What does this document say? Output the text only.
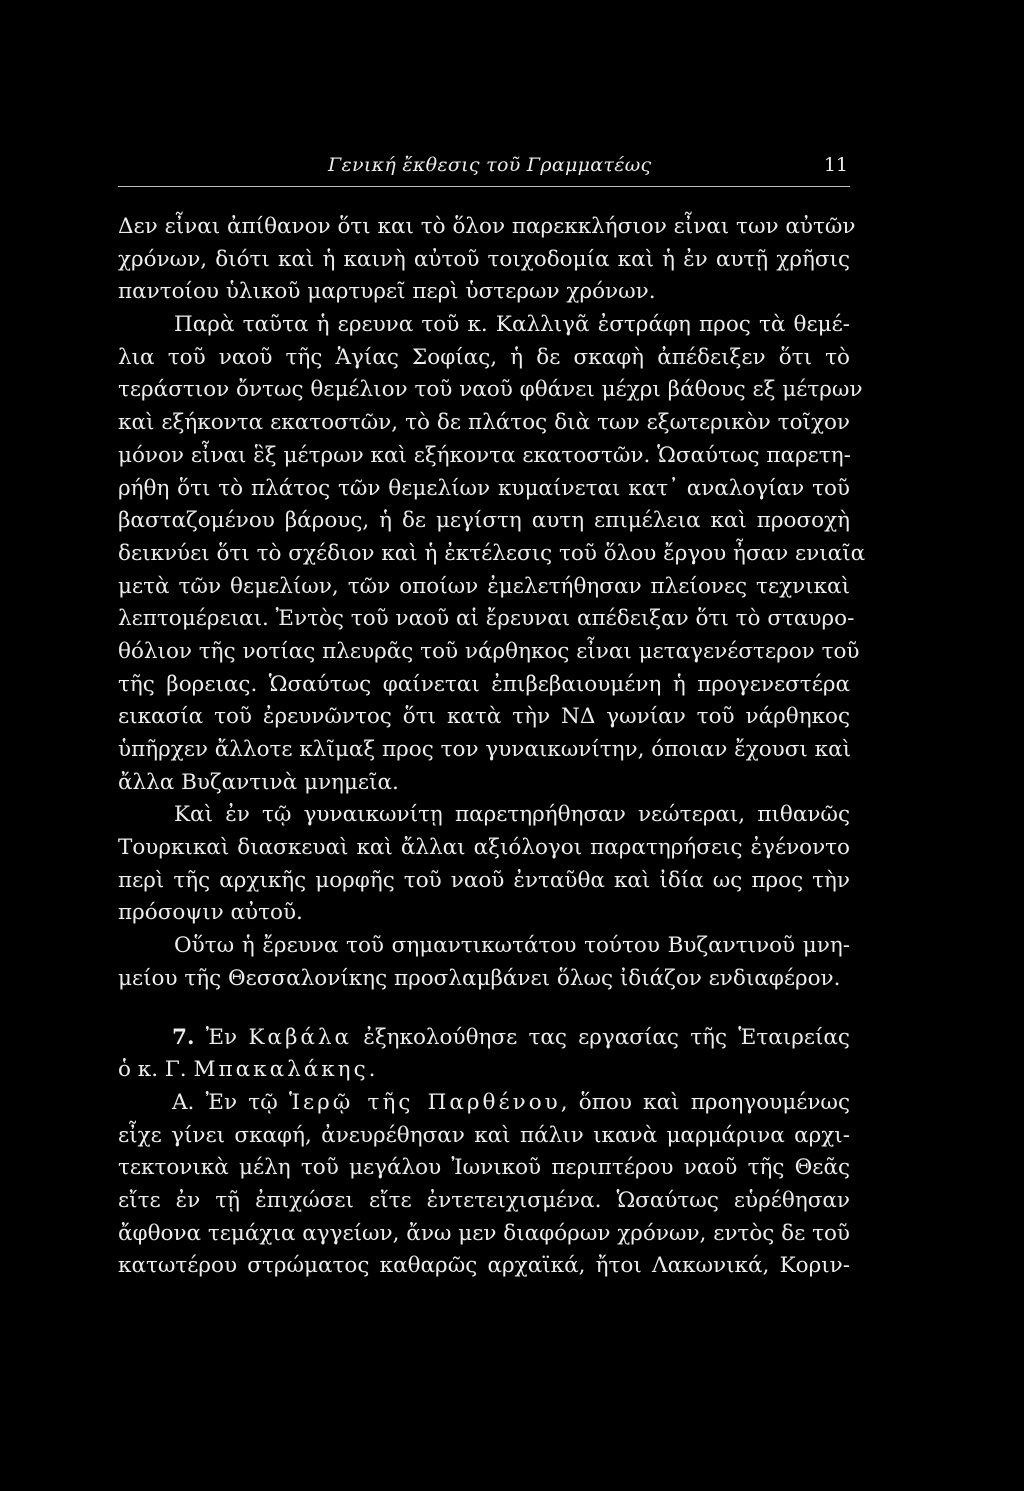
Γενική ἔκθεσις τοῦ Γραμματέως	11
Δεν εἶναι ἀπίθανον ὅτι και τὸ ὅλον παρεκκλήσιον εἶναι των αὐτῶν
χρόνων, διότι καὶ ἡ καινὴ αὐτοῦ τοιχοδομία καὶ ἡ ἐν αυτῇ χρῆσις
παντοίου ὑλικοῦ μαρτυρεῖ περὶ ὑστερων χρόνων.
Παρὰ ταῦτα ἡ ερευνα τοῦ κ. Καλλιγᾶ ἐστράφη προς τὰ θεμέ-
λια τοῦ ναοῦ τῆς Ἁγίας Σοφίας, ἡ δε σκαφὴ ἀπέδειξεν ὅτι τὸ
τεράστιον ὄντως θεμέλιον τοῦ ναοῦ φθάνει μέχρι βάθους εξ μέτρων
καὶ εξήκοντα εκατοστῶν, τὸ δε πλάτος διὰ των εξωτερικὸν τοῖχον
μόνον εἶναι ἓξ μέτρων καὶ εξήκοντα εκατοστῶν. Ὡσαύτως παρετη-
ρήθη ὅτι τὸ πλάτος τῶν θεμελίων κυμαίνεται κατ᾽ αναλογίαν τοῦ
βασταζομένου βάρους, ἡ δε μεγίστη αυτη επιμέλεια καὶ προσοχὴ
δεικνύει ὅτι τὸ σχέδιον καὶ ἡ ἐκτέλεσις τοῦ ὅλου ἔργου ἦσαν ενιαῖα
μετὰ τῶν θεμελίων, τῶν οποίων ἐμελετήθησαν πλείονες τεχνικαὶ
λεπτομέρειαι. Ἐντὸς τοῦ ναοῦ αἱ ἔρευναι απέδειξαν ὅτι τὸ σταυρο-
θόλιον τῆς νοτίας πλευρᾶς τοῦ νάρθηκος εἶναι μεταγενέστερον τοῦ
τῆς βορειας. Ὡσαύτως φαίνεται ἐπιβεβαιουμένη ἡ προγενεστέρα
εικασία τοῦ ἐρευνῶντος ὅτι κατὰ τὴν ΝΔ γωνίαν τοῦ νάρθηκος
ὑπῆρχεν ἄλλοτε κλῖμαξ προς τον γυναικωνίτην, όποιαν ἔχουσι καὶ
ἄλλα Βυζαντινὰ μνημεῖα.
Καὶ ἐν τῷ γυναικωνίτῃ παρετηρήθησαν νεώτεραι, πιθανῶς
Τουρκικαὶ διασκευαὶ καὶ ἄλλαι αξιόλογοι παρατηρήσεις ἐγένοντο
περὶ τῆς αρχικῆς μορφῆς τοῦ ναοῦ ἐνταῦθα καὶ ἰδία ως προς τὴν
πρόσοψιν αὐτοῦ.
Οὕτω ἡ ἔρευνα τοῦ σημαντικωτάτου τούτου Βυζαντινοῦ μνη-
μείου τῆς Θεσσαλονίκης προσλαμβάνει ὅλως ἰδιάζον ενδιαφέρον.
7. Ἐν Καβάλα ἐξηκολούθησε τας εργασίας τῆς Ἑταιρείας
ὁ κ. Γ. Μπακαλάκης.
Α. Ἐν τῷ Ἱερῷ τῆς Παρθένου, ὅπου καὶ προηγουμένως
εἶχε γίνει σκαφή, ἀνευρέθησαν καὶ πάλιν ικανὰ μαρμάρινα αρχι-
τεκτονικὰ μέλη τοῦ μεγάλου Ἰωνικοῦ περιπτέρου ναοῦ τῆς Θεᾶς
εἴτε ἐν τῇ ἐπιχώσει εἴτε ἐντετειχισμένα. Ὡσαύτως εὑρέθησαν
ἄφθονα τεμάχια αγγείων, ἄνω μεν διαφόρων χρόνων, εντὸς δε τοῦ
κατωτέρου στρώματος καθαρῶς αρχαϊκά, ἤτοι Λακωνικά, Κοριν-
